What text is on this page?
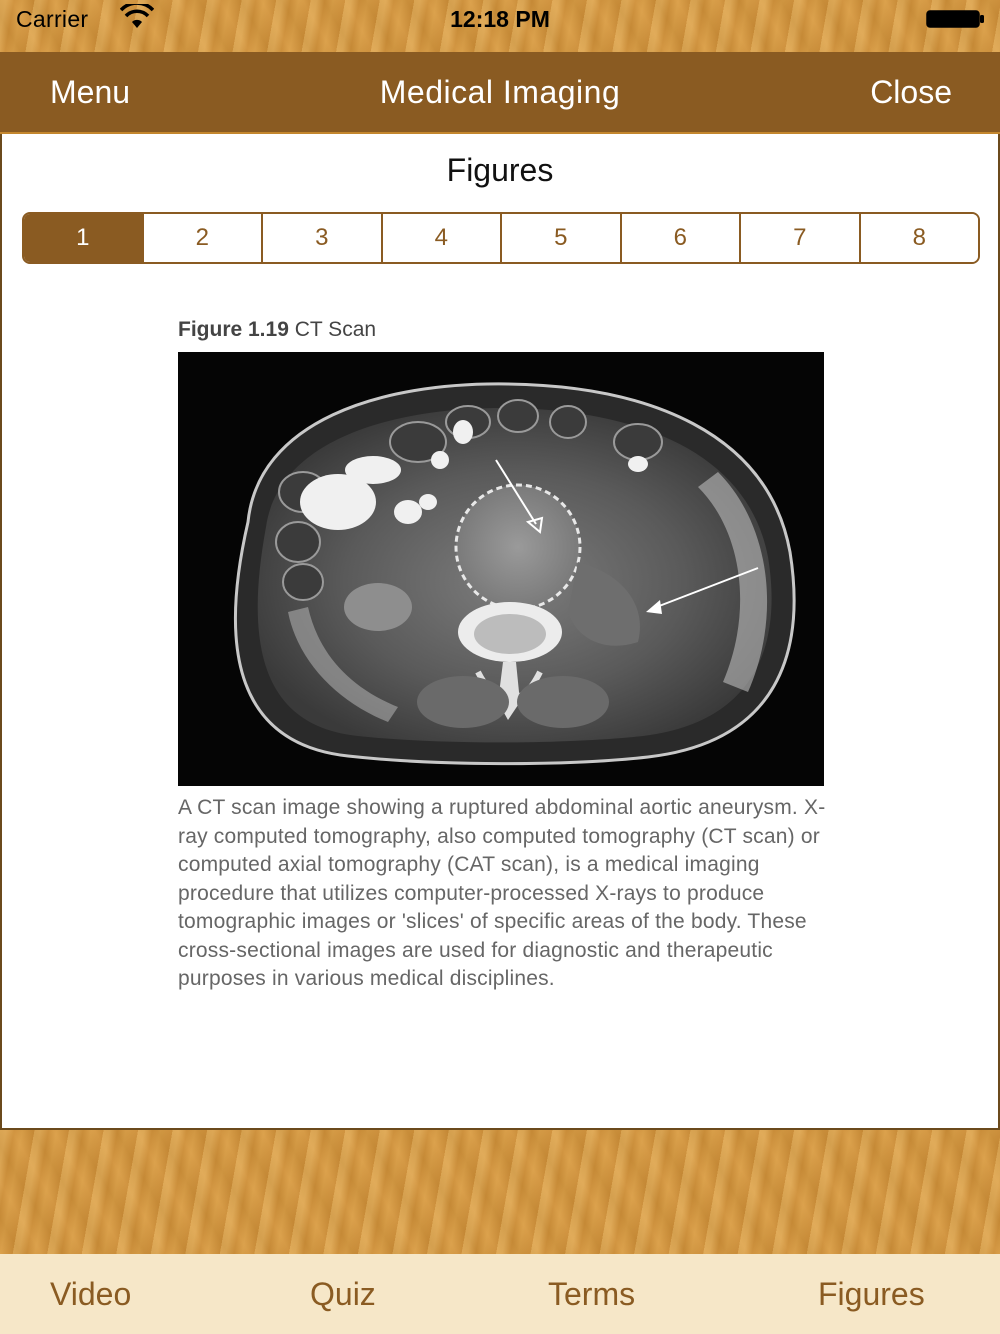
Carrier	12:18 PM
Menu	Medical Imaging	Close
Figures
1	2	3	4	5	6	7	8
Figure 1.19 CT Scan
A CT scan image showing a ruptured abdominal aortic aneurysm. X-ray computed tomography, also computed tomography (CT scan) or computed axial tomography (CAT scan), is a medical imaging procedure that utilizes computer-processed X-rays to produce tomographic images or 'slices' of specific areas of the body. These cross-sectional images are used for diagnostic and therapeutic purposes in various medical disciplines.
Video	Quiz	Terms	Figures
